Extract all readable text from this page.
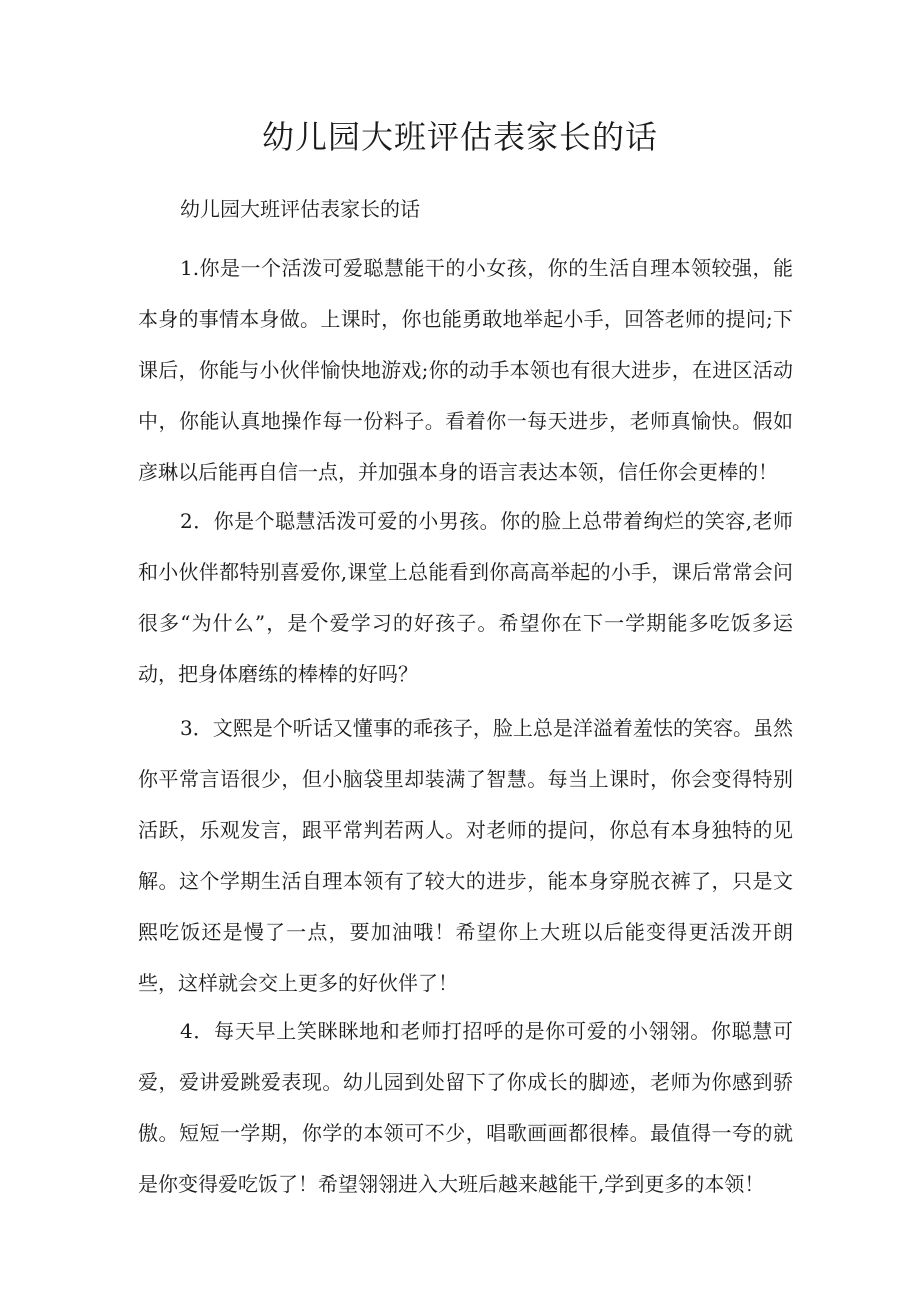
幼儿园大班评估表家长的话

幼儿园大班评估表家长的话

1.你是一个活泼可爱聪慧能干的小女孩，你的生活自理本领较强，能本身的事情本身做。上课时，你也能勇敢地举起小手，回答老师的提问;下课后，你能与小伙伴愉快地游戏;你的动手本领也有很大进步，在进区活动中，你能认真地操作每一份料子。看着你一每天进步，老师真愉快。假如彦琳以后能再自信一点，并加强本身的语言表达本领，信任你会更棒的！

2．你是个聪慧活泼可爱的小男孩。你的脸上总带着绚烂的笑容,老师和小伙伴都特别喜爱你,课堂上总能看到你高高举起的小手，课后常常会问很多“为什么”，是个爱学习的好孩子。希望你在下一学期能多吃饭多运动，把身体磨练的棒棒的好吗？

3．文熙是个听话又懂事的乖孩子，脸上总是洋溢着羞怯的笑容。虽然你平常言语很少，但小脑袋里却装满了智慧。每当上课时，你会变得特别活跃，乐观发言，跟平常判若两人。对老师的提问，你总有本身独特的见解。这个学期生活自理本领有了较大的进步，能本身穿脱衣裤了，只是文熙吃饭还是慢了一点，要加油哦！希望你上大班以后能变得更活泼开朗些，这样就会交上更多的好伙伴了！

4．每天早上笑眯眯地和老师打招呼的是你可爱的小翎翎。你聪慧可爱，爱讲爱跳爱表现。幼儿园到处留下了你成长的脚迹，老师为你感到骄傲。短短一学期，你学的本领可不少，唱歌画画都很棒。最值得一夸的就是你变得爱吃饭了！希望翎翎进入大班后越来越能干,学到更多的本领！
